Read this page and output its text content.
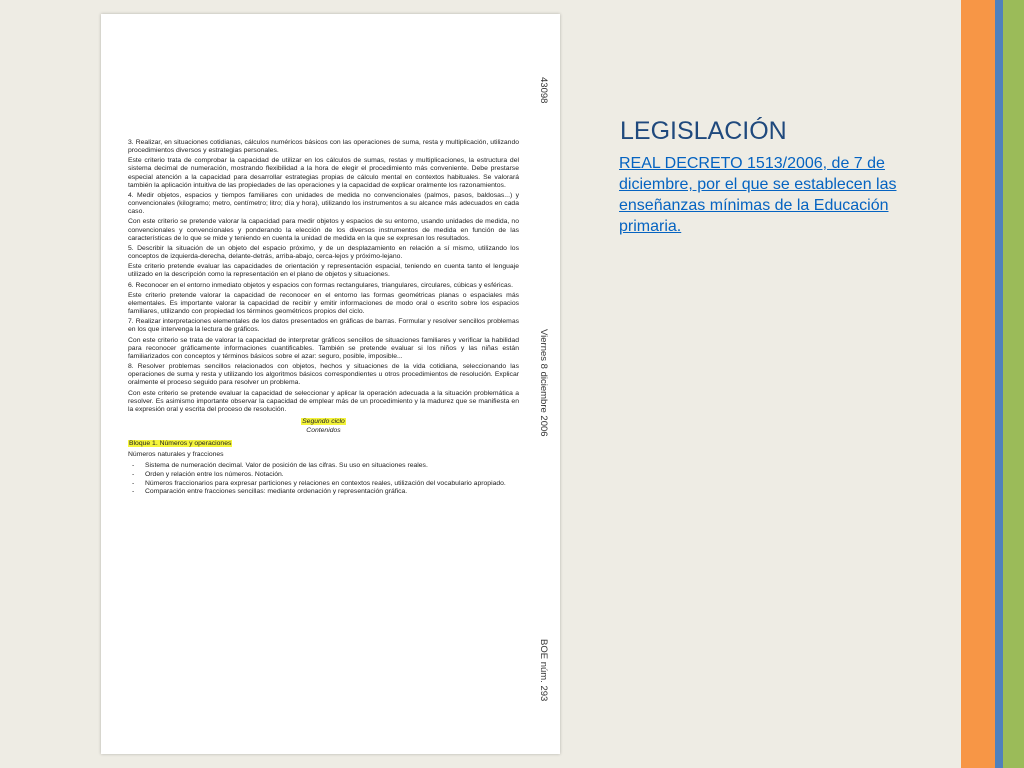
3. Realizar, en situaciones cotidianas, cálculos numéricos básicos con las operaciones de suma, resta y multiplicación, utilizando procedimientos diversos y estrategias personales.

Este criterio trata de comprobar la capacidad de utilizar en los cálculos de sumas, restas y multiplicaciones, la estructura del sistema decimal de numeración, mostrando flexibilidad a la hora de elegir el procedimiento más conveniente. Debe prestarse especial atención a la capacidad para desarrollar estrategias propias de cálculo mental en contextos habituales. Se valorará también la aplicación intuitiva de las propiedades de las operaciones y la capacidad de explicar oralmente los razonamientos.

4. Medir objetos, espacios y tiempos familiares con unidades de medida no convencionales (palmos, pasos, baldosas...) y convencionales (kilogramo; metro, centímetro; litro; día y hora), utilizando los instrumentos a su alcance más adecuados en cada caso.

Con este criterio se pretende valorar la capacidad para medir objetos y espacios de su entorno, usando unidades de medida, no convencionales y convencionales y ponderando la elección de los diversos instrumentos de medida en función de las características de lo que se mide y teniendo en cuenta la unidad de medida en la que se expresan los resultados.

5. Describir la situación de un objeto del espacio próximo, y de un desplazamiento en relación a sí mismo, utilizando los conceptos de izquierda-derecha, delante-detrás, arriba-abajo, cerca-lejos y próximo-lejano.

Este criterio pretende evaluar las capacidades de orientación y representación espacial, teniendo en cuenta tanto el lenguaje utilizado en la descripción como la representación en el plano de objetos y situaciones.

6. Reconocer en el entorno inmediato objetos y espacios con formas rectangulares, triangulares, circulares, cúbicas y esféricas.

Este criterio pretende valorar la capacidad de reconocer en el entorno las formas geométricas planas o espaciales más elementales. Es importante valorar la capacidad de recibir y emitir informaciones de modo oral o escrito sobre los espacios familiares, utilizando con propiedad los términos geométricos propios del ciclo.

7. Realizar interpretaciones elementales de los datos presentados en gráficas de barras. Formular y resolver sencillos problemas en los que intervenga la lectura de gráficos.

Con este criterio se trata de valorar la capacidad de interpretar gráficos sencillos de situaciones familiares y verificar la habilidad para reconocer gráficamente informaciones cuantificables. También se pretende evaluar si los niños y las niñas están familiarizados con conceptos y términos básicos sobre el azar: seguro, posible, imposible...

8. Resolver problemas sencillos relacionados con objetos, hechos y situaciones de la vida cotidiana, seleccionando las operaciones de suma y resta y utilizando los algoritmos básicos correspondientes u otros procedimientos de resolución. Explicar oralmente el proceso seguido para resolver un problema.

Con este criterio se pretende evaluar la capacidad de seleccionar y aplicar la operación adecuada a la situación problemática a resolver. Es asimismo importante observar la capacidad de emplear más de un procedimiento y la madurez que se manifiesta en la expresión oral y escrita del proceso de resolución.

Segundo ciclo
Contenidos
Bloque 1. Números y operaciones
Números naturales y fracciones
- Sistema de numeración decimal. Valor de posición de las cifras. Su uso en situaciones reales.
- Orden y relación entre los números. Notación.
- Números fraccionarios para expresar particiones y relaciones en contextos reales, utilización del vocabulario apropiado.
- Comparación entre fracciones sencillas: mediante ordenación y representación gráfica.
43098
Viernes 8 diciembre 2006
BOE núm. 293
LEGISLACIÓN
REAL DECRETO 1513/2006, de 7 de diciembre, por el que se establecen las enseñanzas mínimas de la Educación primaria.
